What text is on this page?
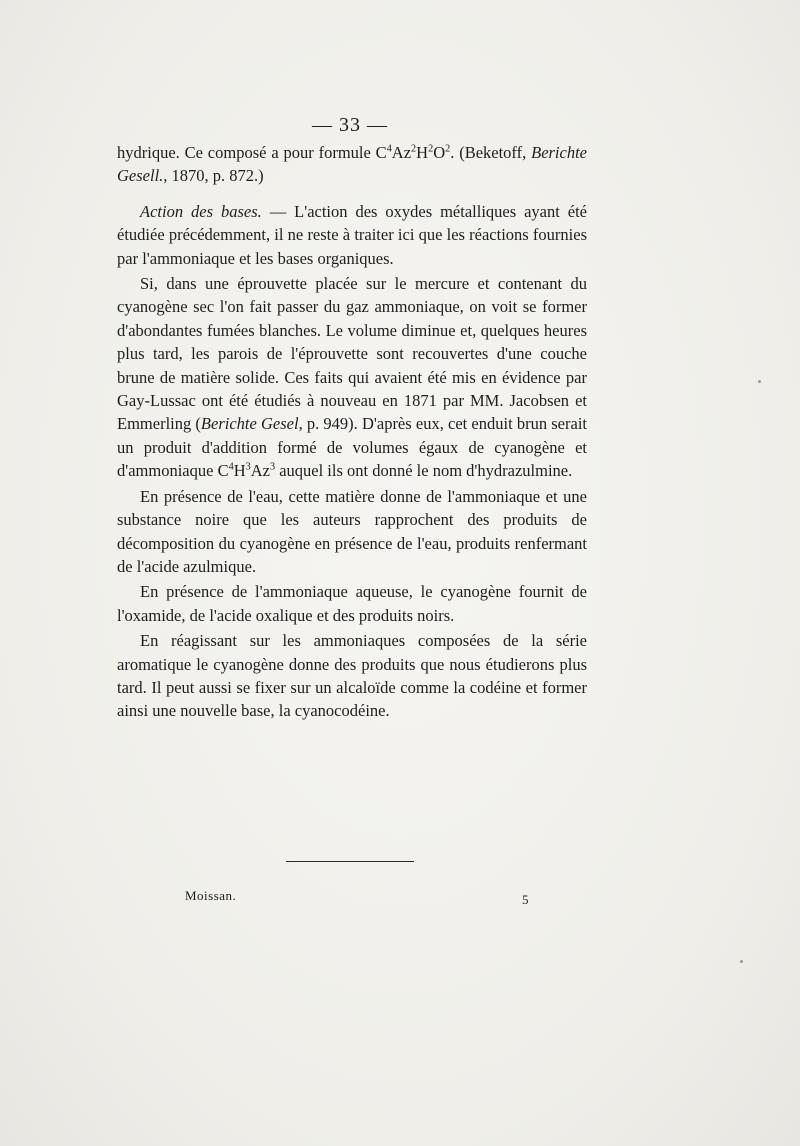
— 33 —

hydrique. Ce composé a pour formule $C^4Az^2H^2O^2$. (Beketoff, Berichte Gesell., 1870, p. 872.)

Action des bases. — L'action des oxydes métalliques ayant été étudiée précédemment, il ne reste à traiter ici que les réactions fournies par l'ammoniaque et les bases organiques.

Si, dans une éprouvette placée sur le mercure et contenant du cyanogène sec l'on fait passer du gaz ammoniaque, on voit se former d'abondantes fumées blanches. Le volume diminue et, quelques heures plus tard, les parois de l'éprouvette sont recouvertes d'une couche brune de matière solide. Ces faits qui avaient été mis en évidence par Gay-Lussac ont été étudiés à nouveau en 1871 par MM. Jacobsen et Emmerling (Berichte Gesel, p. 949). D'après eux, cet enduit brun serait un produit d'addition formé de volumes égaux de cyanogène et d'ammoniaque $C^4H^3Az^3$ auquel ils ont donné le nom d'hydrazulmine.

En présence de l'eau, cette matière donne de l'ammoniaque et une substance noire que les auteurs rapprochent des produits de décomposition du cyanogène en présence de l'eau, produits renfermant de l'acide azulmique.

En présence de l'ammoniaque aqueuse, le cyanogène fournit de l'oxamide, de l'acide oxalique et des produits noirs.

En réagissant sur les ammoniaques composées de la série aromatique le cyanogène donne des produits que nous étudierons plus tard. Il peut aussi se fixer sur un alcaloïde comme la codéine et former ainsi une nouvelle base, la cyanocodéine.

Moissan.	5
